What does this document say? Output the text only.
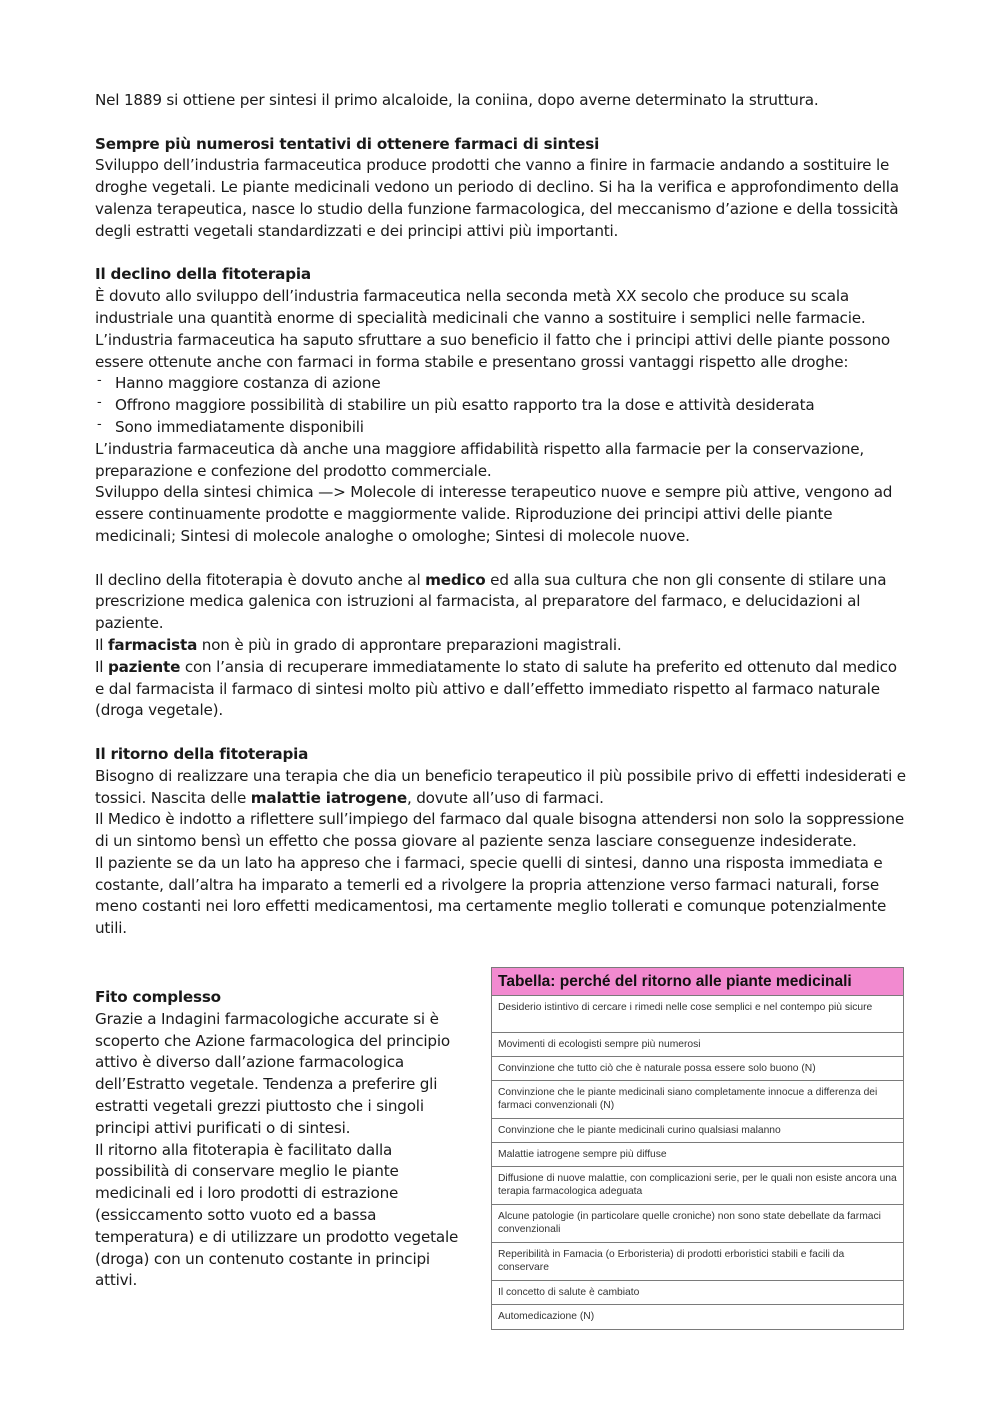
Nel 1889 si ottiene per sintesi il primo alcaloide, la coniina, dopo averne determinato la struttura.

Sempre più numerosi tentativi di ottenere farmaci di sintesi

Sviluppo dell’industria farmaceutica produce prodotti che vanno a finire in farmacie andando a sostituire le droghe vegetali. Le piante medicinali vedono un periodo di declino. Si ha la verifica e approfondimento della valenza terapeutica, nasce lo studio della funzione farmacologica, del meccanismo d’azione e della tossicità degli estratti vegetali standardizzati e dei principi attivi più importanti.

Il declino della fitoterapia

È dovuto allo sviluppo dell’industria farmaceutica nella seconda metà XX secolo che produce su scala industriale una quantità enorme di specialità medicinali che vanno a sostituire i semplici nelle farmacie.

L’industria farmaceutica ha saputo sfruttare a suo beneficio il fatto che i principi attivi delle piante possono essere ottenute anche con farmaci in forma stabile e presentano grossi vantaggi rispetto alle droghe:

- Hanno maggiore costanza di azione
- Offrono maggiore possibilità di stabilire un più esatto rapporto tra la dose e attività desiderata
- Sono immediatamente disponibili

L’industria farmaceutica dà anche una maggiore affidabilità rispetto alla farmacie per la conservazione, preparazione e confezione del prodotto commerciale.

Sviluppo della sintesi chimica —> Molecole di interesse terapeutico nuove e sempre più attive, vengono ad essere continuamente prodotte e maggiormente valide. Riproduzione dei principi attivi delle piante medicinali; Sintesi di molecole analoghe o omologhe; Sintesi di molecole nuove.

Il declino della fitoterapia è dovuto anche al medico ed alla sua cultura che non gli consente di stilare una prescrizione medica galenica con istruzioni al farmacista, al preparatore del farmaco, e delucidazioni al paziente.

Il farmacista non è più in grado di approntare preparazioni magistrali.

Il paziente con l’ansia di recuperare immediatamente lo stato di salute ha preferito ed ottenuto dal medico e dal farmacista il farmaco di sintesi molto più attivo e dall’effetto immediato rispetto al farmaco naturale (droga vegetale).

Il ritorno della fitoterapia

Bisogno di realizzare una terapia che dia un beneficio terapeutico il più possibile privo di effetti indesiderati e tossici. Nascita delle malattie iatrogene, dovute all’uso di farmaci.

Il Medico è indotto a riflettere sull’impiego del farmaco dal quale bisogna attendersi non solo la soppressione di un sintomo bensì un effetto che possa giovare al paziente senza lasciare conseguenze indesiderate.

Il paziente se da un lato ha appreso che i farmaci, specie quelli di sintesi, danno una risposta immediata e costante, dall’altra ha imparato a temerli ed a rivolgere la propria attenzione verso farmaci naturali, forse meno costanti nei loro effetti medicamentosi, ma certamente meglio tollerati e comunque potenzialmente utili.

Fito complesso

Grazie a Indagini farmacologiche accurate si è scoperto che Azione farmacologica del principio attivo è diverso dall’azione farmacologica dell’Estratto vegetale. Tendenza a preferire gli estratti vegetali grezzi piuttosto che i singoli principi attivi purificati o di sintesi.

Il ritorno alla fitoterapia è facilitato dalla possibilità di conservare meglio le piante medicinali ed i loro prodotti di estrazione (essiccamento sotto vuoto ed a bassa temperatura) e di utilizzare un prodotto vegetale (droga) con un contenuto costante in principi attivi.

Tabella: perché del ritorno alle piante medicinali
Desiderio istintivo di cercare i rimedi nelle cose semplici e nel contempo più sicure
Movimenti di ecologisti sempre più numerosi
Convinzione che tutto ciò che è naturale possa essere solo buono (N)
Convinzione che le piante medicinali siano completamente innocue a differenza dei farmaci convenzionali (N)
Convinzione che le piante medicinali curino qualsiasi malanno
Malattie iatrogene sempre più diffuse
Diffusione di nuove malattie, con complicazioni serie, per le quali non esiste ancora una terapia farmacologica adeguata
Alcune patologie (in particolare quelle croniche) non sono state debellate da farmaci convenzionali
Reperibilità in Famacia (o Erboristeria) di prodotti erboristici stabili e facili da conservare
Il concetto di salute è cambiato
Automedicazione (N)
